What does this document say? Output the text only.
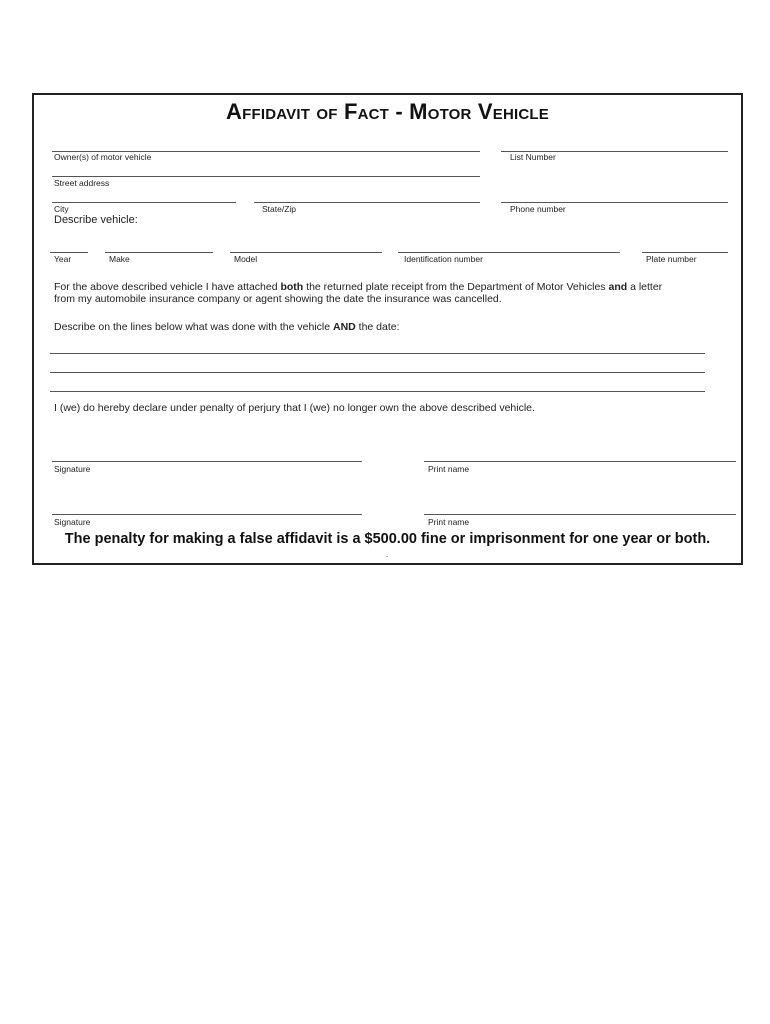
Affidavit of Fact - Motor Vehicle
Owner(s) of motor vehicle	List Number
Street address
City	State/Zip	Phone number
Describe vehicle:
Year	Make	Model	Identification number	Plate number
For the above described vehicle I have attached both the returned plate receipt from the Department of Motor Vehicles and a letter
from my automobile insurance company or agent showing the date the insurance was cancelled.
Describe on the lines below what was done with the vehicle AND the date:
I (we) do hereby declare under penalty of perjury that I (we) no longer own the above described vehicle.
Signature	Print name
Signature	Print name
The penalty for making a false affidavit is a $500.00 fine or imprisonment for one year or both.
.
